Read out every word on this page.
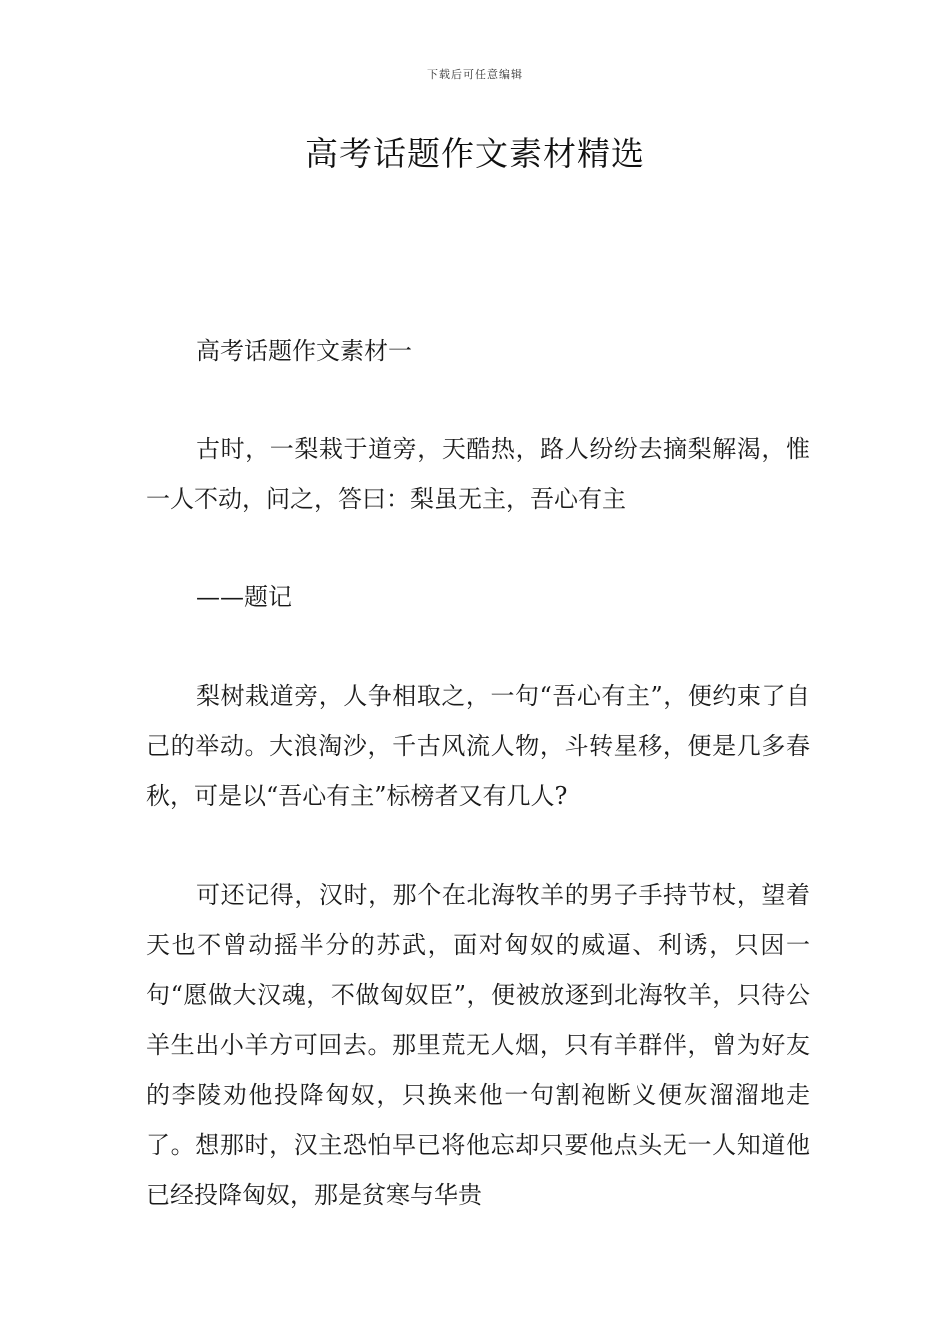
下载后可任意编辑
高考话题作文素材精选
高考话题作文素材一

古时，一梨栽于道旁，天酷热，路人纷纷去摘梨解渴，惟一人不动，问之，答曰：梨虽无主，吾心有主

——题记

梨树栽道旁，人争相取之，一句“吾心有主”，便约束了自己的举动。大浪淘沙，千古风流人物，斗转星移，便是几多春秋，可是以“吾心有主”标榜者又有几人?

可还记得，汉时，那个在北海牧羊的男子手持节杖，望着天也不曾动摇半分的苏武，面对匈奴的威逼、利诱，只因一句“愿做大汉魂，不做匈奴臣”，便被放逐到北海牧羊，只待公羊生出小羊方可回去。那里荒无人烟，只有羊群伴，曾为好友的李陵劝他投降匈奴，只换来他一句割袍断义便灰溜溜地走了。想那时，汉主恐怕早已将他忘却只要他点头无一人知道他已经投降匈奴，那是贫寒与华贵
